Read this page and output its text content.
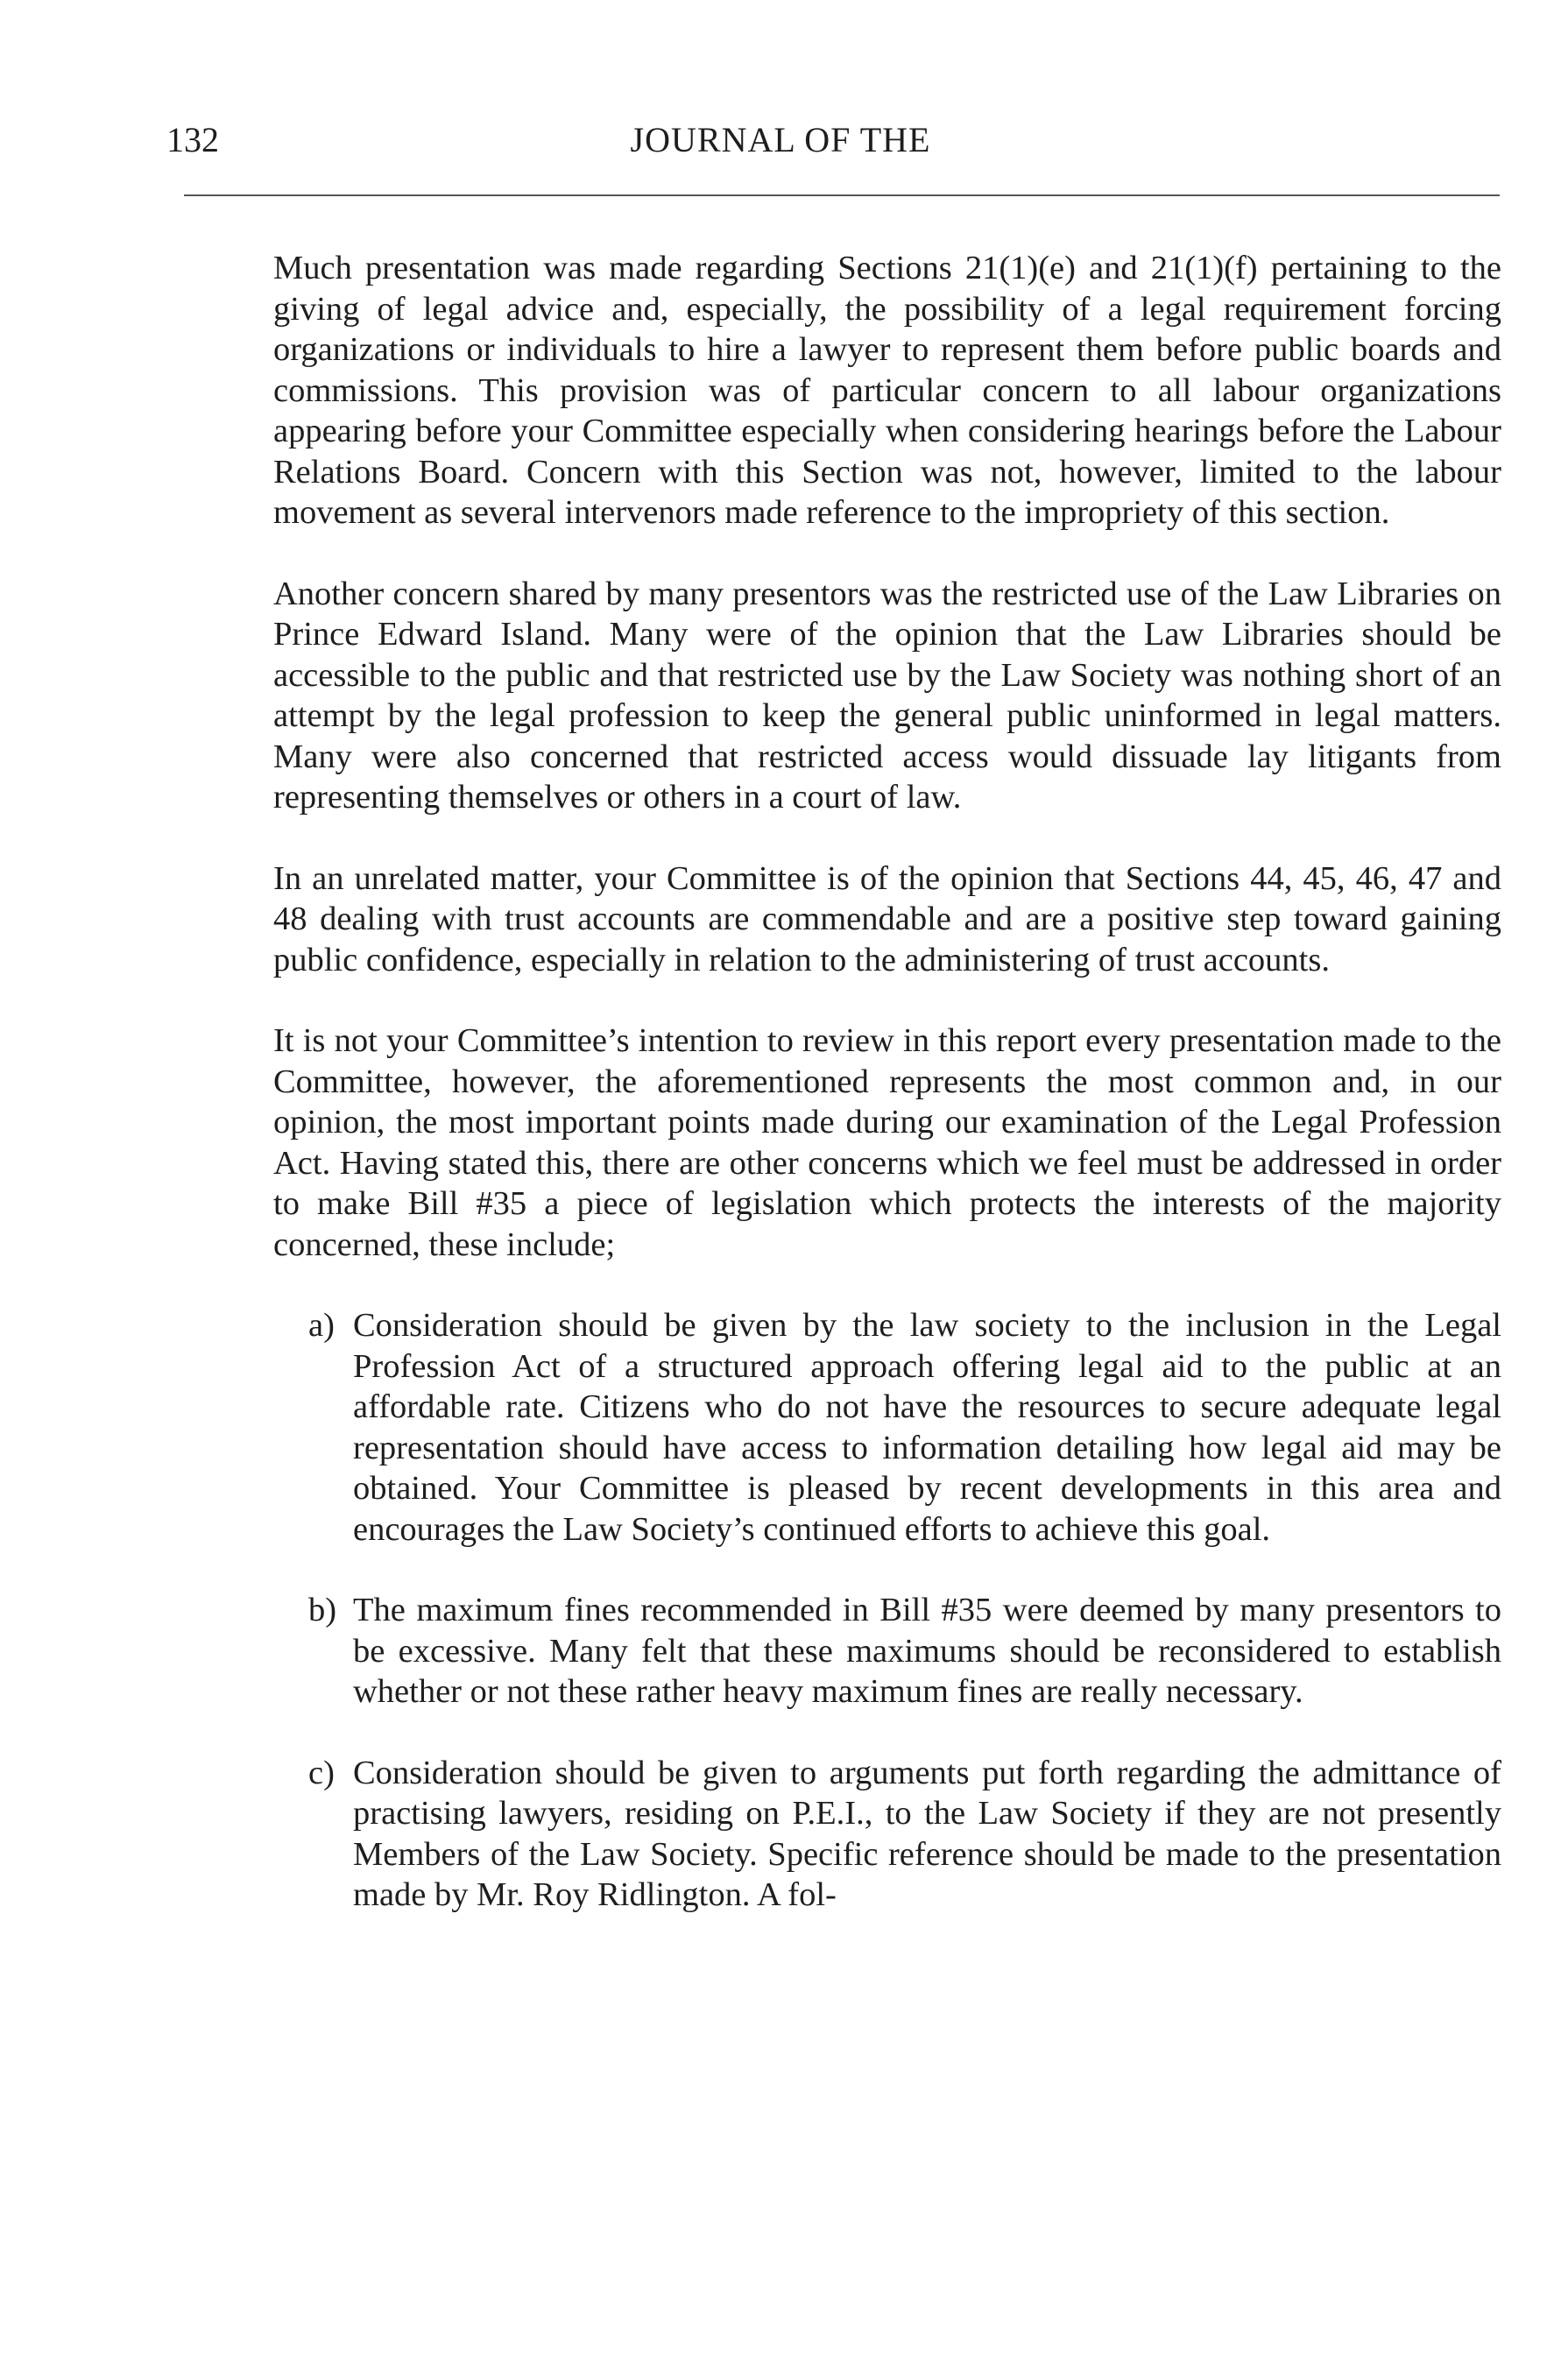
132	JOURNAL OF THE

Much presentation was made regarding Sections 21(1)(e) and 21(1)(f) pertaining to the giving of legal advice and, especially, the possibility of a legal requirement forcing organizations or individuals to hire a lawyer to represent them before public boards and commissions. This provision was of particular concern to all labour organizations appearing before your Committee especially when considering hearings before the Labour Relations Board. Concern with this Section was not, however, limited to the labour movement as several intervenors made reference to the impropriety of this section.

Another concern shared by many presentors was the restricted use of the Law Libraries on Prince Edward Island. Many were of the opinion that the Law Libraries should be accessible to the public and that restricted use by the Law Society was nothing short of an attempt by the legal profession to keep the general public uninformed in legal matters. Many were also concerned that restricted access would dissuade lay litigants from representing themselves or others in a court of law.

In an unrelated matter, your Committee is of the opinion that Sections 44, 45, 46, 47 and 48 dealing with trust accounts are commendable and are a positive step toward gaining public confidence, especially in relation to the administering of trust accounts.

It is not your Committee’s intention to review in this report every presentation made to the Committee, however, the aforementioned represents the most common and, in our opinion, the most important points made during our examination of the Legal Profession Act. Having stated this, there are other concerns which we feel must be addressed in order to make Bill #35 a piece of legislation which protects the interests of the majority concerned, these include;

a) Consideration should be given by the law society to the inclusion in the Legal Profession Act of a structured approach offering legal aid to the public at an affordable rate. Citizens who do not have the resources to secure adequate legal representation should have access to information detailing how legal aid may be obtained. Your Committee is pleased by recent developments in this area and encourages the Law Society’s continued efforts to achieve this goal.
b) The maximum fines recommended in Bill #35 were deemed by many presentors to be excessive. Many felt that these maximums should be reconsidered to establish whether or not these rather heavy maximum fines are really necessary.
c) Consideration should be given to arguments put forth regarding the admittance of practising lawyers, residing on P.E.I., to the Law Society if they are not presently Members of the Law Society. Specific reference should be made to the presentation made by Mr. Roy Ridlington. A fol-
